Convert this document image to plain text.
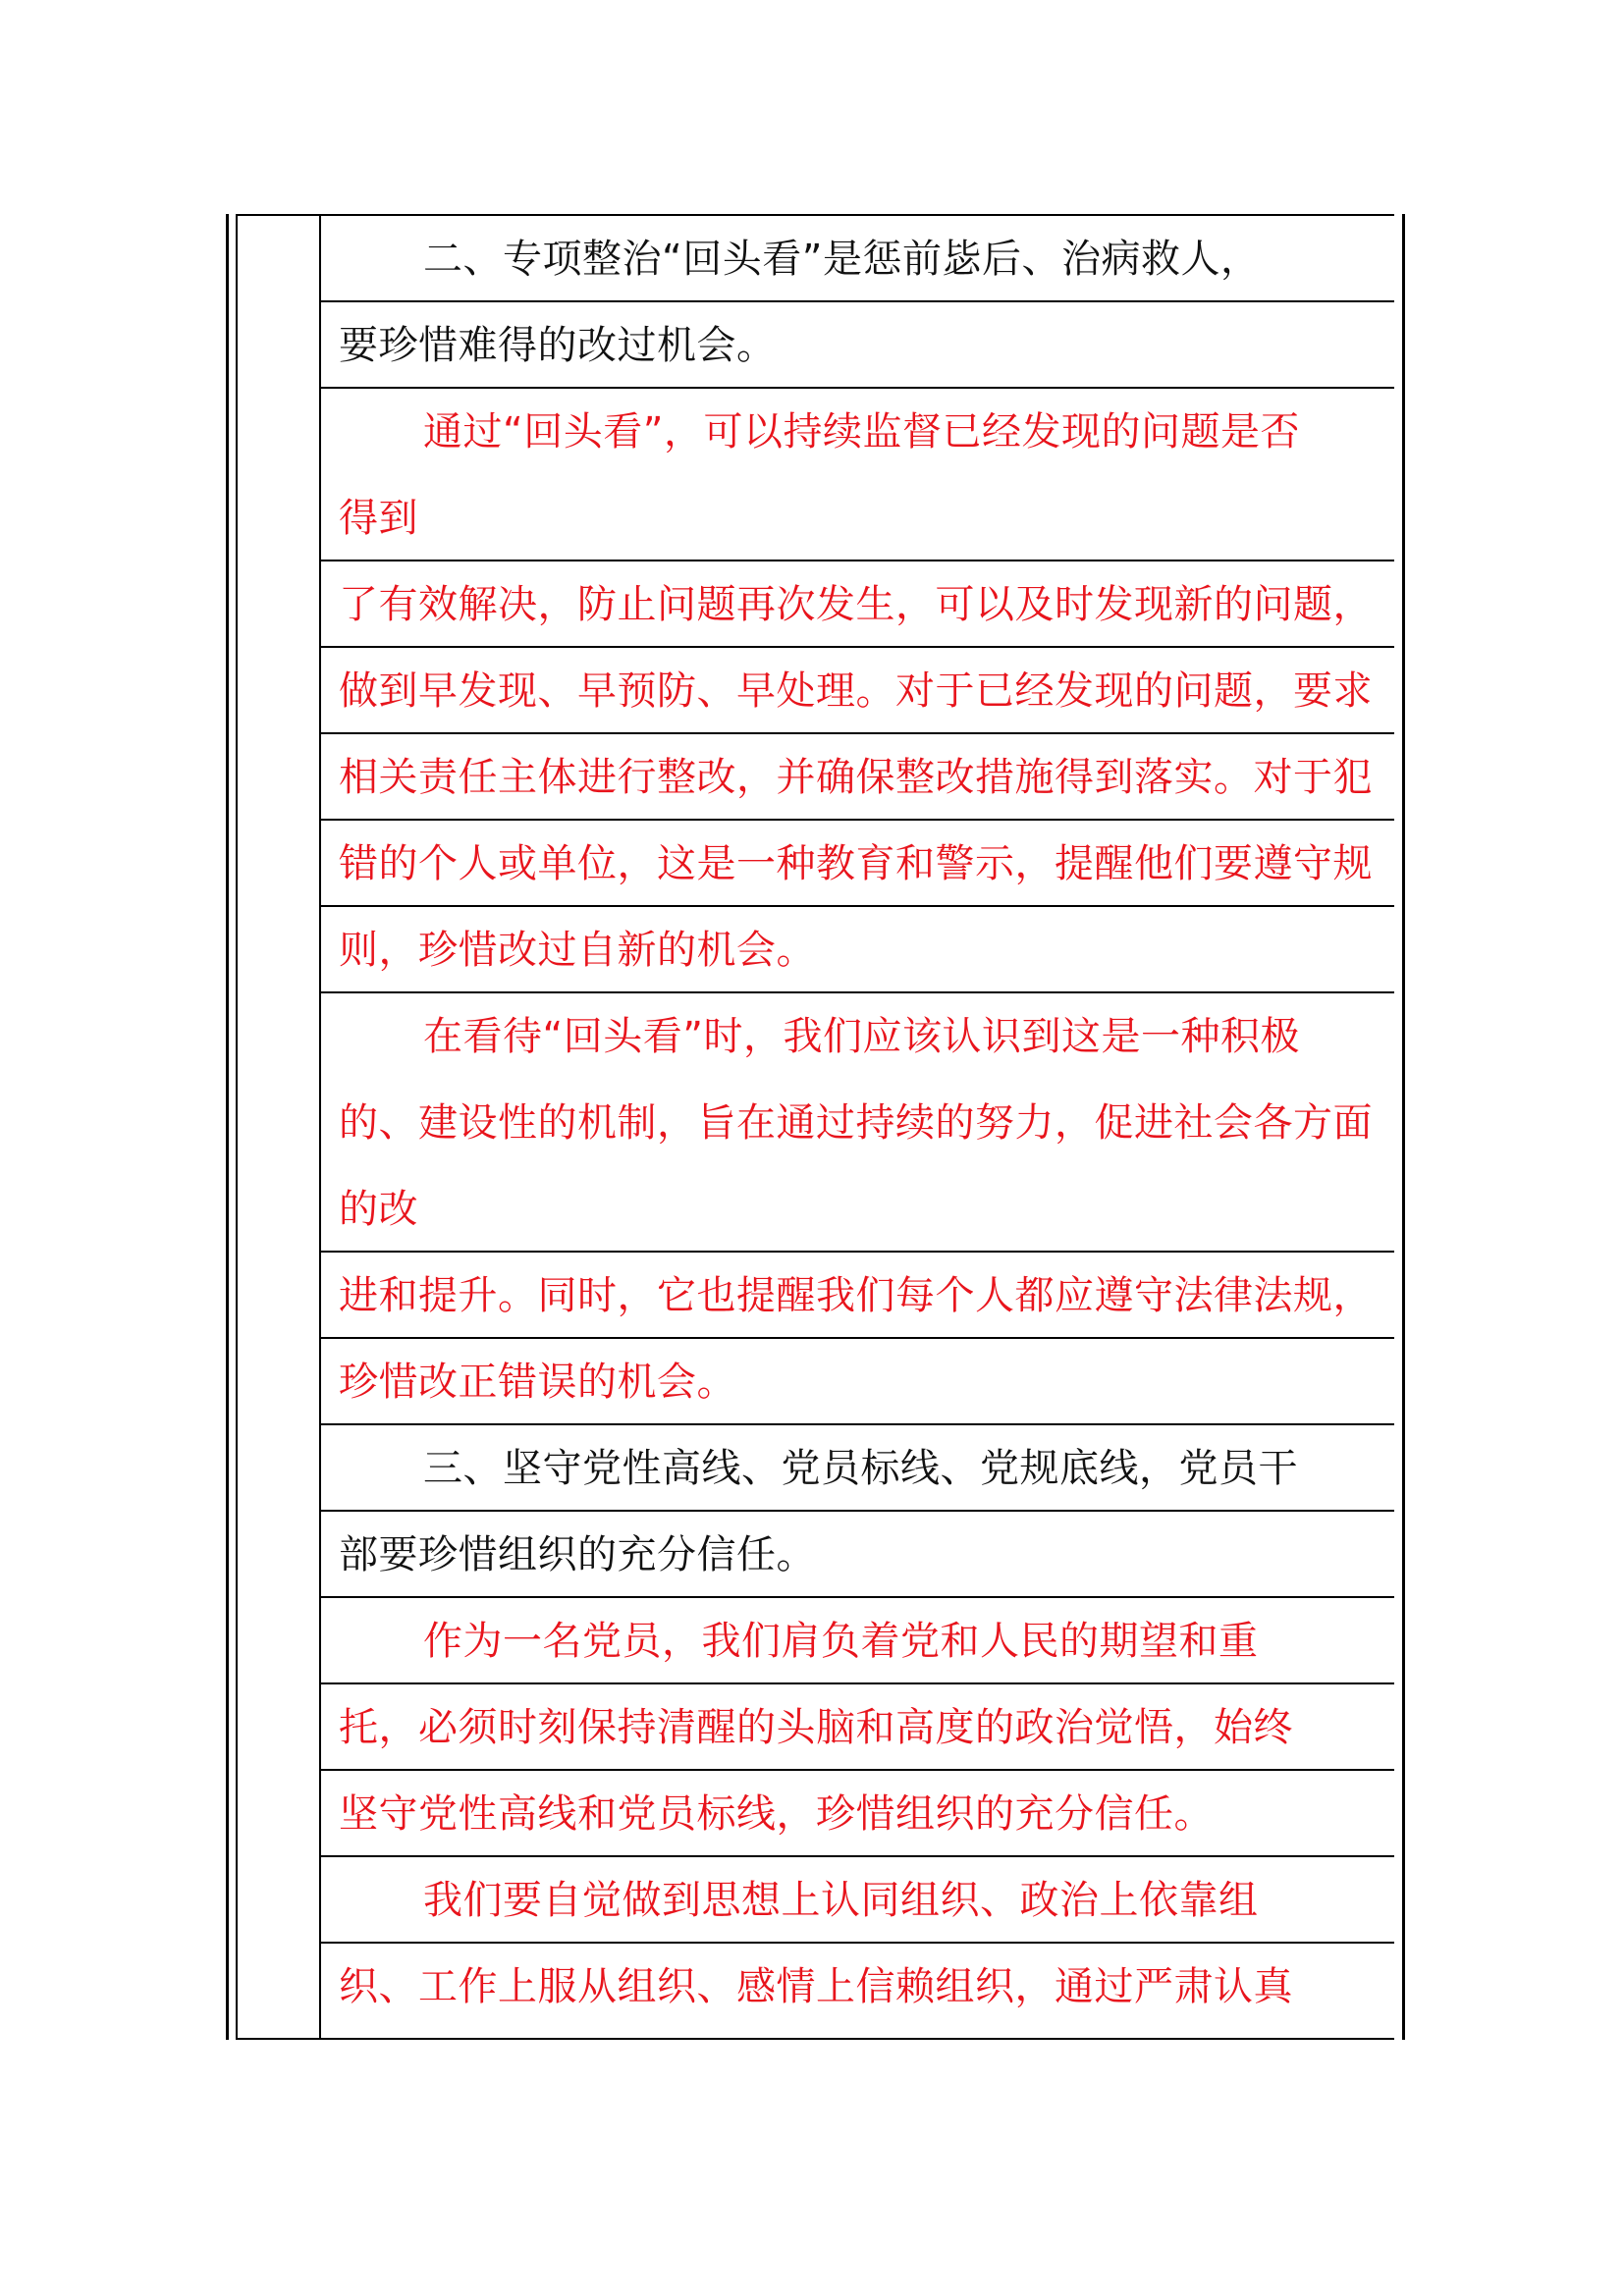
二、专项整治“回头看”是惩前毖后、治病救人，
要珍惜难得的改过机会。
通过“回头看”，可以持续监督已经发现的问题是否
得到
了有效解决，防止问题再次发生，可以及时发现新的问题，
做到早发现、早预防、早处理。对于已经发现的问题，要求
相关责任主体进行整改，并确保整改措施得到落实。对于犯
错的个人或单位，这是一种教育和警示，提醒他们要遵守规
则，珍惜改过自新的机会。
在看待“回头看”时，我们应该认识到这是一种积极
的、建设性的机制，旨在通过持续的努力，促进社会各方面
的改
进和提升。同时，它也提醒我们每个人都应遵守法律法规，
珍惜改正错误的机会。
三、坚守党性高线、党员标线、党规底线，党员干
部要珍惜组织的充分信任。
作为一名党员，我们肩负着党和人民的期望和重
托，必须时刻保持清醒的头脑和高度的政治觉悟，始终
坚守党性高线和党员标线，珍惜组织的充分信任。
我们要自觉做到思想上认同组织、政治上依靠组
织、工作上服从组织、感情上信赖组织，通过严肃认真
